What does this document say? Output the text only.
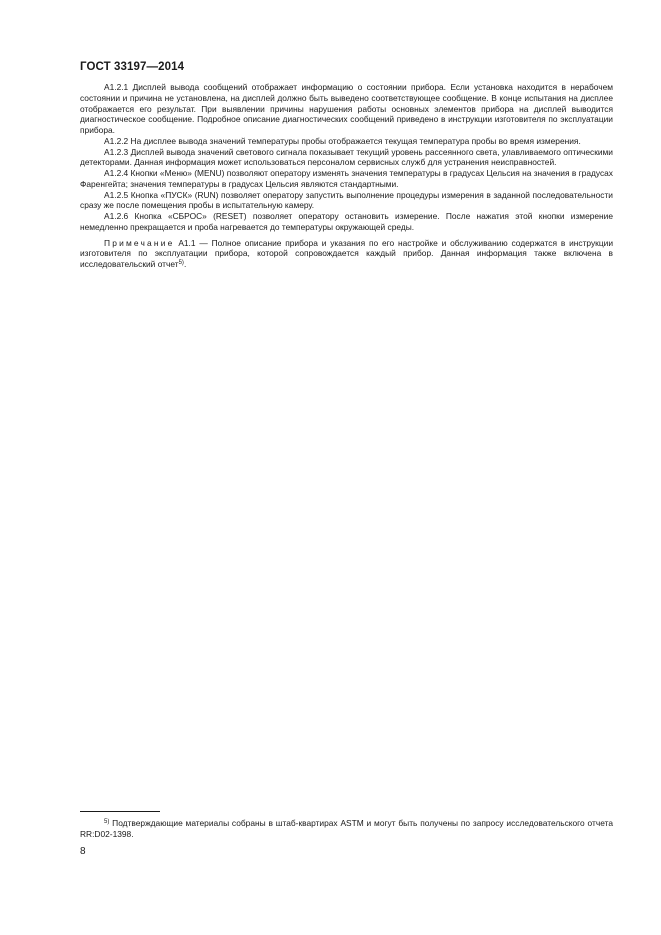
ГОСТ 33197—2014

А1.2.1 Дисплей вывода сообщений отображает информацию о состоянии прибора. Если установка находится в нерабочем состоянии и причина не установлена, на дисплей должно быть выведено соответствующее сообщение. В конце испытания на дисплее отображается его результат. При выявлении причины нарушения работы основных элементов прибора на дисплей выводится диагностическое сообщение. Подробное описание диагностических сообщений приведено в инструкции изготовителя по эксплуатации прибора.

А1.2.2 На дисплее вывода значений температуры пробы отображается текущая температура пробы во время измерения.

А1.2.3 Дисплей вывода значений светового сигнала показывает текущий уровень рассеянного света, улавливаемого оптическими детекторами. Данная информация может использоваться персоналом сервисных служб для устранения неисправностей.

А1.2.4 Кнопки «Меню» (MENU) позволяют оператору изменять значения температуры в градусах Цельсия на значения в градусах Фаренгейта; значения температуры в градусах Цельсия являются стандартными.

А1.2.5 Кнопка «ПУСК» (RUN) позволяет оператору запустить выполнение процедуры измерения в заданной последовательности сразу же после помещения пробы в испытательную камеру.

А1.2.6 Кнопка «СБРОС» (RESET) позволяет оператору остановить измерение. После нажатия этой кнопки измерение немедленно прекращается и проба нагревается до температуры окружающей среды.

Примечание А1.1 — Полное описание прибора и указания по его настройке и обслуживанию содержатся в инструкции изготовителя по эксплуатации прибора, которой сопровождается каждый прибор. Данная информация также включена в исследовательский отчет$^{5)}$.

$^{5)}$ Подтверждающие материалы собраны в штаб-квартирах ASTM и могут быть получены по запросу исследовательского отчета RR:D02-1398.

8
